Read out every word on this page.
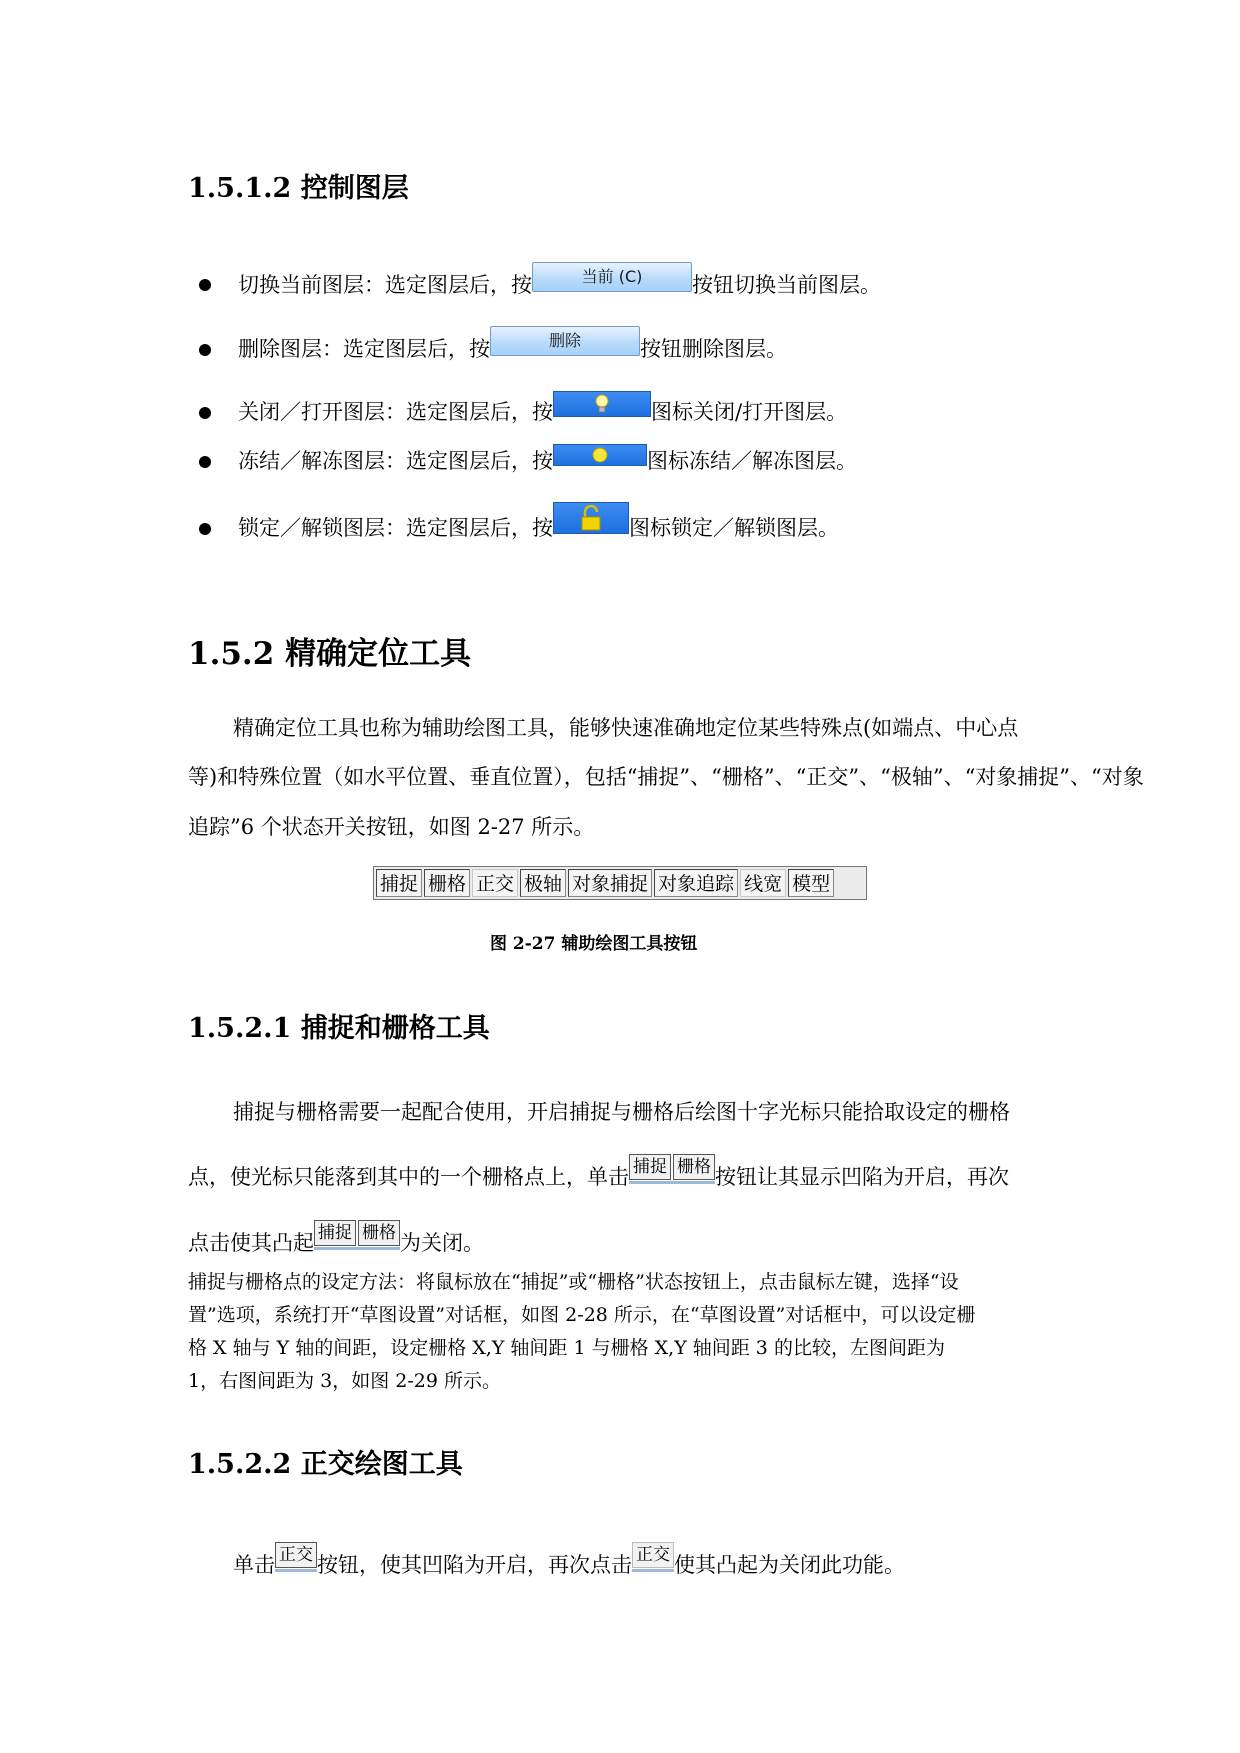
1.5.1.2 控制图层
切换当前图层：选定图层后，按	当前 (C) 按钮切换当前图层。
删除图层：选定图层后，按	删除	按钮删除图层。
关闭／打开图层：选定图层后，按	图标关闭/打开图层。
冻结／解冻图层：选定图层后，按	图标冻结／解冻图层。
锁定／解锁图层：选定图层后，按	图标锁定／解锁图层。
1.5.2 精确定位工具
精确定位工具也称为辅助绘图工具，能够快速准确地定位某些特殊点(如端点、中心点
等)和特殊位置（如水平位置、垂直位置），包括“捕捉”、“栅格”、“正交”、“极轴”、“对象捕捉”、“对象
追踪”6 个状态开关按钮，如图 2-27 所示。
捕捉 栅格 正交 极轴 对象捕捉 对象追踪 线宽 模型
图 2-27 辅助绘图工具按钮
1.5.2.1 捕捉和栅格工具
捕捉与栅格需要一起配合使用，开启捕捉与栅格后绘图十字光标只能拾取设定的栅格
点，使光标只能落到其中的一个栅格点上，单击 捕捉 栅格 按钮让其显示凹陷为开启，再次
点击使其凸起 捕捉 栅格 为关闭。
捕捉与栅格点的设定方法：将鼠标放在“捕捉”或“栅格”状态按钮上，点击鼠标左键，选择“设
置”选项，系统打开“草图设置”对话框，如图 2-28 所示，在“草图设置”对话框中，可以设定栅
格 X 轴与 Y 轴的间距，设定栅格 X,Y 轴间距 1 与栅格 X,Y 轴间距 3 的比较，左图间距为
1，右图间距为 3，如图 2-29 所示。
1.5.2.2 正交绘图工具
单击 正交 按钮，使其凹陷为开启，再次点击 正交 使其凸起为关闭此功能。
